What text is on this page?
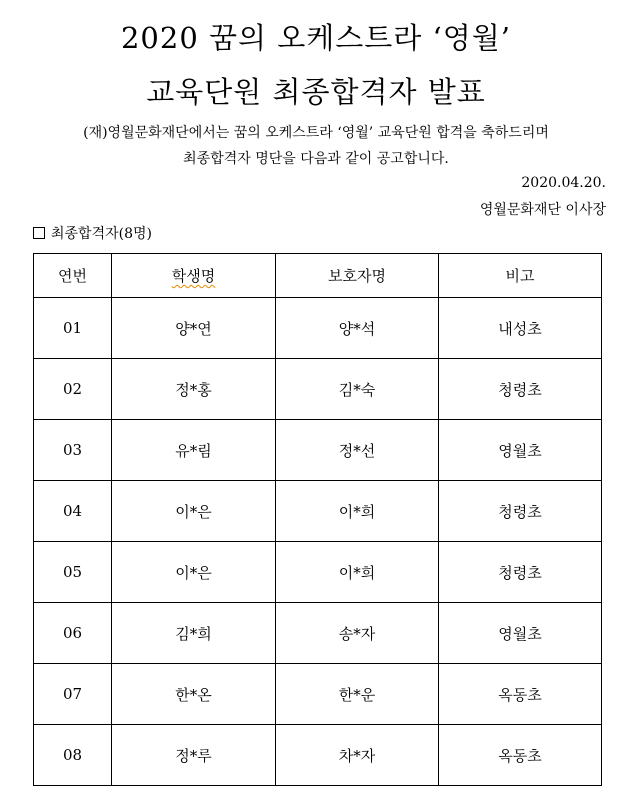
2020 꿈의 오케스트라 ‘영월’
교육단원 최종합격자 발표
(재)영월문화재단에서는 꿈의 오케스트라 ‘영월’ 교육단원 합격을 축하드리며
최종합격자 명단을 다음과 같이 공고합니다.
2020.04.20.
영월문화재단 이사장
최종합격자(8명)
연번	학생명	보호자명	비고
01	양*연	양*석	내성초
02	정*홍	김*숙	청령초
03	유*림	정*선	영월초
04	이*은	이*희	청령초
05	이*은	이*희	청령초
06	김*희	송*자	영월초
07	한*온	한*운	옥동초
08	정*루	차*자	옥동초
